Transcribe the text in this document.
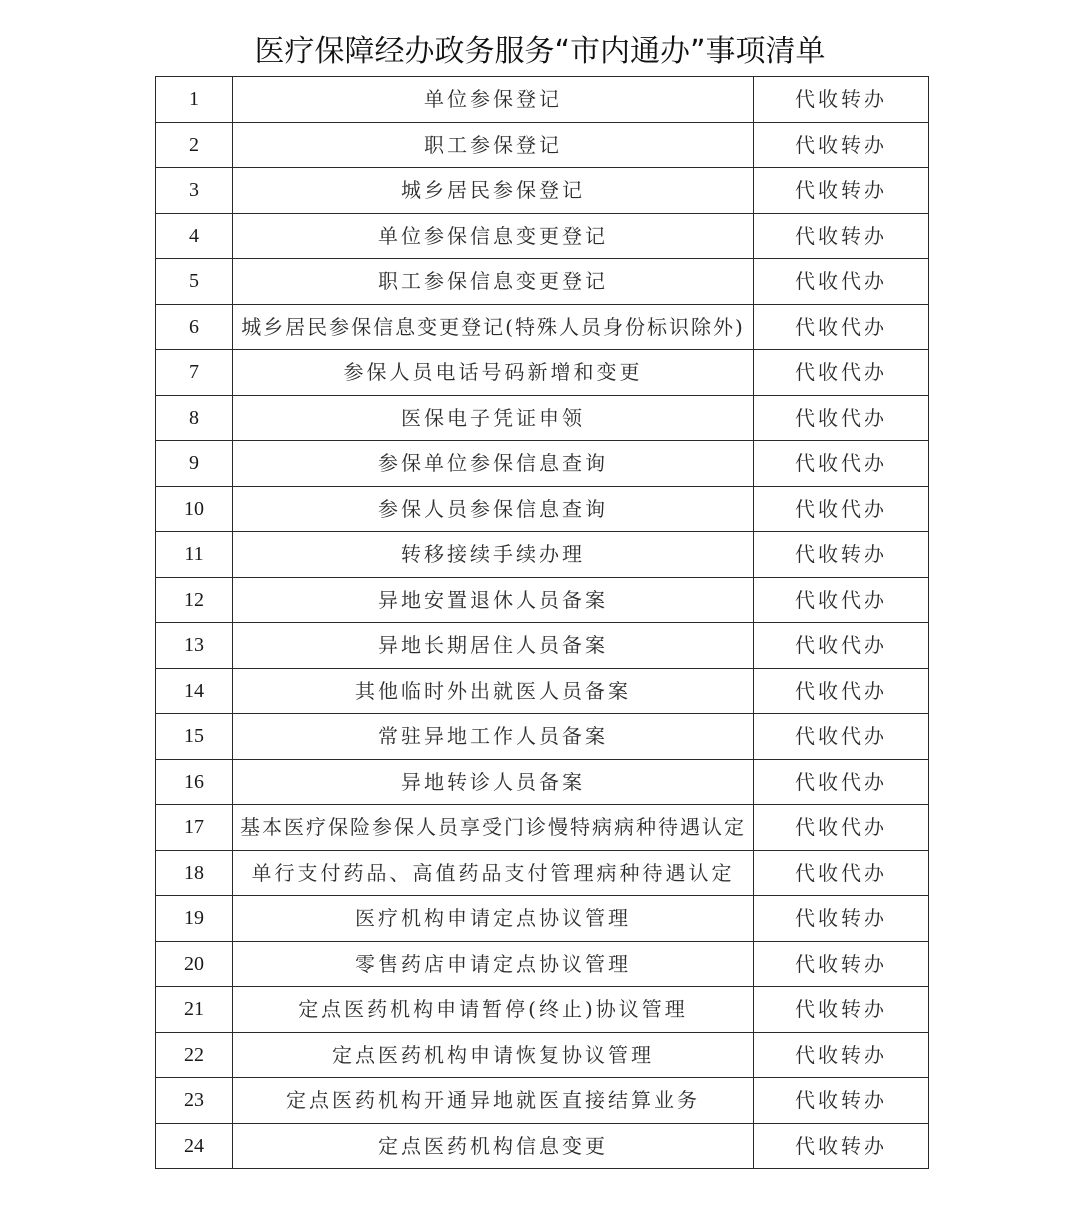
医疗保障经办政务服务“市内通办”事项清单
1	单位参保登记	代收转办
2	职工参保登记	代收转办
3	城乡居民参保登记	代收转办
4	单位参保信息变更登记	代收转办
5	职工参保信息变更登记	代收代办
6	城乡居民参保信息变更登记(特殊人员身份标识除外)	代收代办
7	参保人员电话号码新增和变更	代收代办
8	医保电子凭证申领	代收代办
9	参保单位参保信息查询	代收代办
10	参保人员参保信息查询	代收代办
11	转移接续手续办理	代收转办
12	异地安置退休人员备案	代收代办
13	异地长期居住人员备案	代收代办
14	其他临时外出就医人员备案	代收代办
15	常驻异地工作人员备案	代收代办
16	异地转诊人员备案	代收代办
17	基本医疗保险参保人员享受门诊慢特病病种待遇认定	代收代办
18	单行支付药品、高值药品支付管理病种待遇认定	代收代办
19	医疗机构申请定点协议管理	代收转办
20	零售药店申请定点协议管理	代收转办
21	定点医药机构申请暂停(终止)协议管理	代收转办
22	定点医药机构申请恢复协议管理	代收转办
23	定点医药机构开通异地就医直接结算业务	代收转办
24	定点医药机构信息变更	代收转办
